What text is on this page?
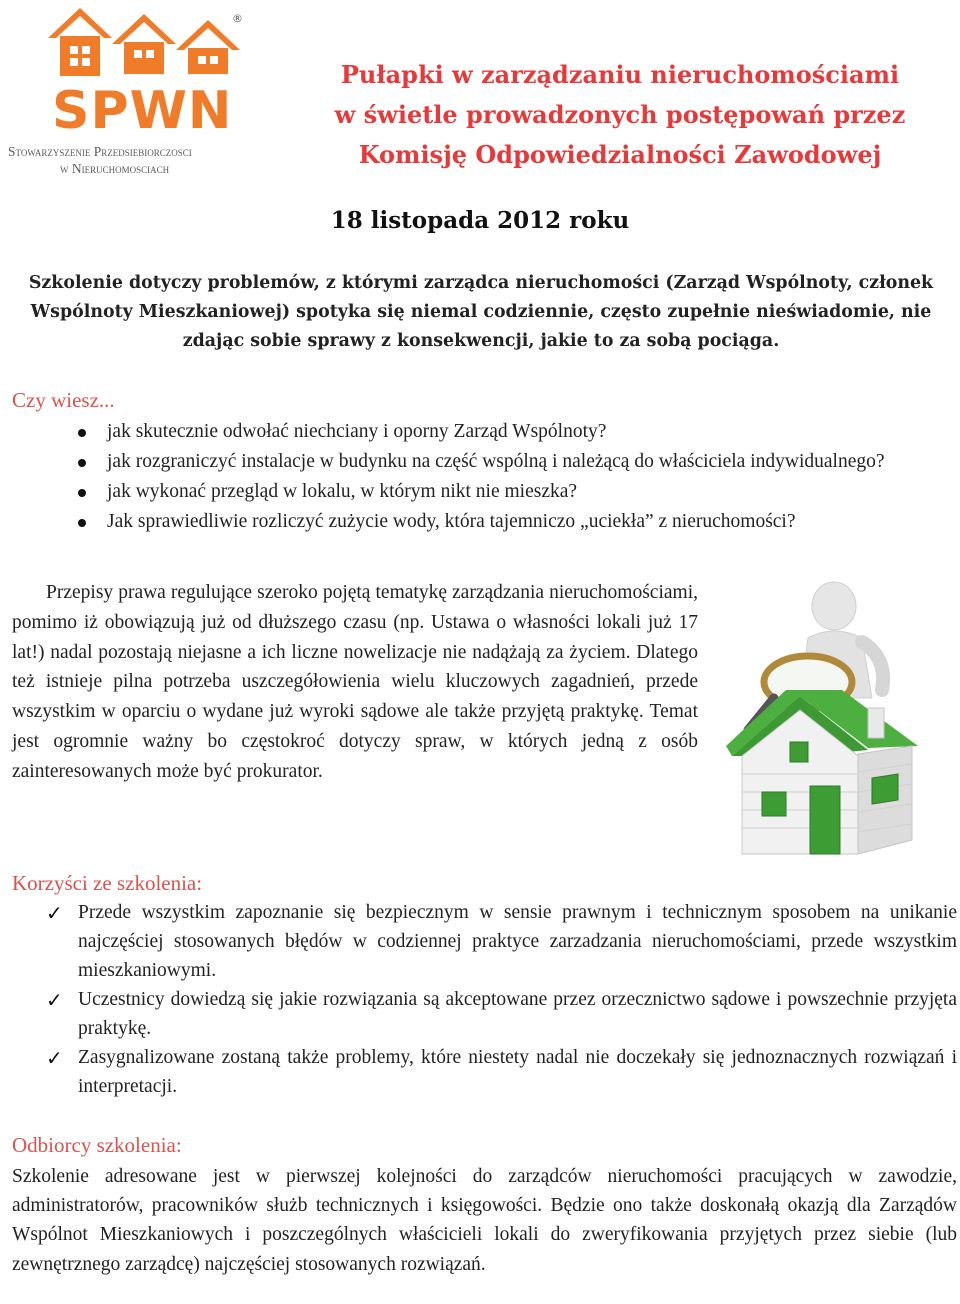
®
SPWN
Stowarzyszenie Przedsiebiorczosci
w Nieruchomosciach
Pułapki w zarządzaniu nieruchomościami
w świetle prowadzonych postępowań przez
Komisję Odpowiedzialności Zawodowej
18 listopada 2012 roku
Szkolenie dotyczy problemów, z którymi zarządca nieruchomości (Zarząd Wspólnoty, członek Wspólnoty Mieszkaniowej) spotyka się niemal codziennie, często zupełnie nieświadomie, nie zdając sobie sprawy z konsekwencji, jakie to za sobą pociąga.
Czy wiesz...
jak skutecznie odwołać niechciany i oporny Zarząd Wspólnoty?
jak rozgraniczyć instalacje w budynku na część wspólną i należącą do właściciela indywidualnego?
jak wykonać przegląd w lokalu, w którym nikt nie mieszka?
Jak sprawiedliwie rozliczyć zużycie wody, która tajemniczo „uciekła” z nieruchomości?
Przepisy prawa regulujące szeroko pojętą tematykę zarządzania nieruchomościami, pomimo iż obowiązują już od dłuższego czasu (np. Ustawa o własności lokali już 17 lat!) nadal pozostają niejasne a ich liczne nowelizacje nie nadążają za życiem. Dlatego też istnieje pilna potrzeba uszczegółowienia wielu kluczowych zagadnień, przede wszystkim w oparciu o wydane już wyroki sądowe ale także przyjętą praktykę. Temat jest ogromnie ważny bo częstokroć dotyczy spraw, w których jedną z osób zainteresowanych może być prokurator.
Korzyści ze szkolenia:
✓ Przede wszystkim zapoznanie się bezpiecznym w sensie prawnym i technicznym sposobem na unikanie najczęściej stosowanych błędów w codziennej praktyce zarzadzania nieruchomościami, przede wszystkim mieszkaniowymi.
✓ Uczestnicy dowiedzą się jakie rozwiązania są akceptowane przez orzecznictwo sądowe i powszechnie przyjęta praktykę.
✓ Zasygnalizowane zostaną także problemy, które niestety nadal nie doczekały się jednoznacznych rozwiązań i interpretacji.
Odbiorcy szkolenia:
Szkolenie adresowane jest w pierwszej kolejności do zarządców nieruchomości pracujących w zawodzie, administratorów, pracowników służb technicznych i księgowości. Będzie ono także doskonałą okazją dla Zarządów Wspólnot Mieszkaniowych i poszczególnych właścicieli lokali do zweryfikowania przyjętych przez siebie (lub zewnętrznego zarządcę) najczęściej stosowanych rozwiązań.
